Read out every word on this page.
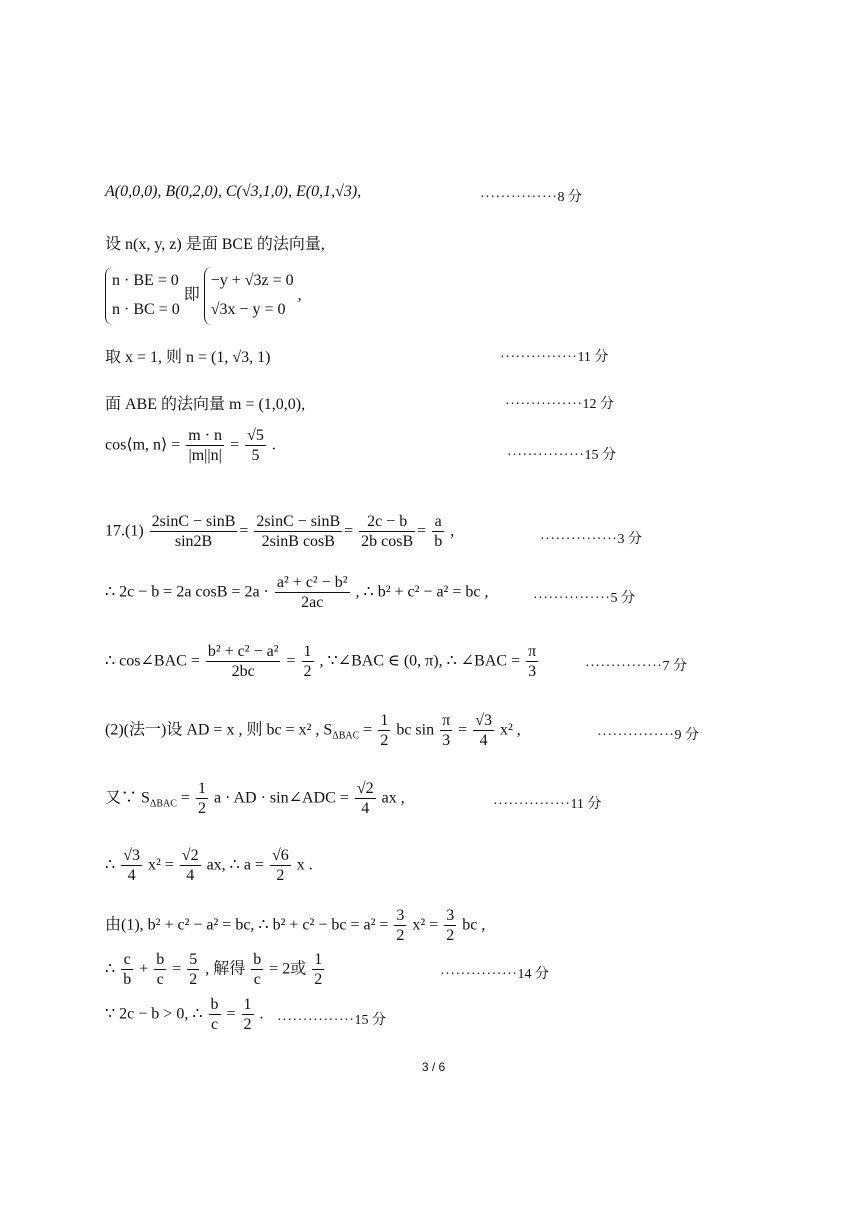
A(0,0,0), B(0,2,0), C(√3,1,0), E(0,1,√3),	···············8 分
设 n(x, y, z) 是面 BCE 的法向量,
n · BE = 0
n · BC = 0 即 −y + √3z = 0
√3x − y = 0 ,
取 x = 1, 则 n = (1, √3, 1)	···············11 分
面 ABE 的法向量 m = (1,0,0),	···············12 分
cos⟨m, n⟩ = $\frac{m \cdot n}{|m||n|} = \frac{√5}{5}$ .
···············15 分
$17.(1) \frac{2\sin C - \sin B}{\sin 2B} = \frac{2\sin C - \sin B}{\text{2sinB cosB}} = \frac{2c - b}{\text{2b cosB}} = \frac{a}{b}$ ,
···············3 分
∴ 2c − b = 2a $\cos B = 2a \cdot \frac{\text{a² + c² − b²}}{2ac}$ , ∴ b² + c² − a² = bc ,	···············5 分
∴ cos∠BAC = $\frac{\text{b² + c² − a²}}{2bc} = \frac{1}{2}$ , ∵∠BAC ∈ (0, π), ∴ ∠BAC = $\frac{\pi}{3}$	···············7 分
(2)(法一)设 AD = x , 则 bc = x² , $S_{\Delta BAC} = \frac{1}{2}$ bc $\sin \frac{\pi}{3} = \frac{√3}{4} x^2$ ,	···············9 分
又∵ $S_{\Delta BAC} = \frac{1}{2}$ a · AD · sin∠ADC = $\frac{√2}{4}$ ax ,	···············11 分
∴ $\frac{√3}{4} x^2 = \frac{√2}{4}$ ax, ∴ $a = \frac{√6}{2}$ x .
由(1), b² + c² − a² = bc, ∴ b² + c² − bc = $a^2 = \frac{3}{2} x^2 = \frac{3}{2}$ bc ,
∴ $\frac{c}{b} + \frac{b}{c} = \frac{5}{2}$ , 解得 $\frac{b}{c} = 2$或 $\frac{1}{2}$	···············14 分
∵ 2c − b > 0, ∴ $\frac{b}{c} = \frac{1}{2}$ . ···············15 分
3 / 6
